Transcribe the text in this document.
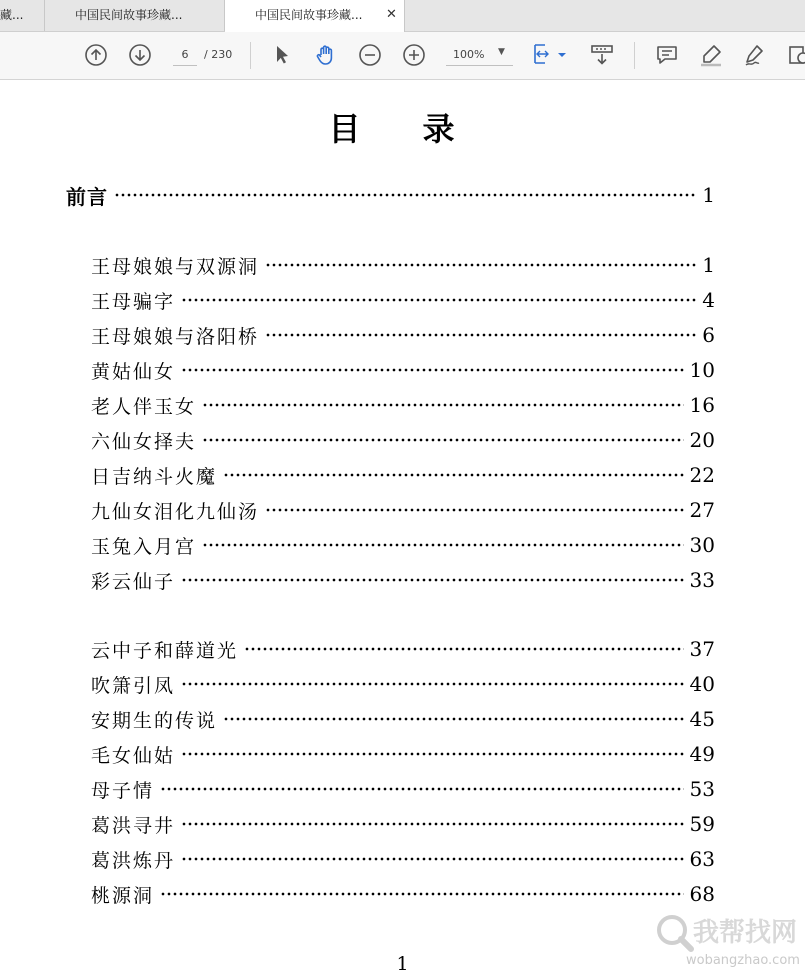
藏...	中国民间故事珍藏...	中国民间故事珍藏...	✕
6
/ 230	100% ▼
目录
前言	1
王母娘娘与双源洞	1
王母骗字	4
王母娘娘与洛阳桥	6
黄姑仙女	10
老人伴玉女	16
六仙女择夫	20
日吉纳斗火魔	22
九仙女泪化九仙汤	27
玉兔入月宫	30
彩云仙子	33
云中子和薛道光	37
吹箫引凤	40
安期生的传说	45
毛女仙姑	49
母子情	53
葛洪寻井	59
葛洪炼丹	63
桃源洞	68
1
我帮找网
wobangzhao.com
